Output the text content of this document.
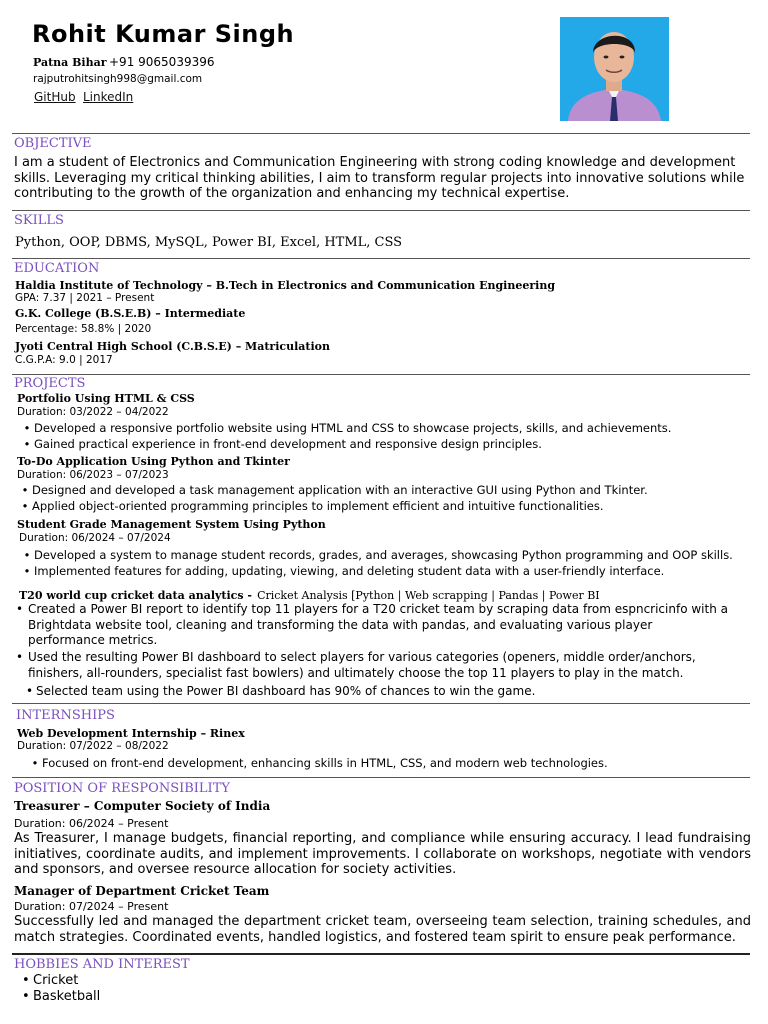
Rohit Kumar Singh
Patna Bihar +91 9065039396
rajputrohitsingh998@gmail.com
GitHub LinkedIn
OBJECTIVE
I am a student of Electronics and Communication Engineering with strong coding knowledge and development
skills. Leveraging my critical thinking abilities, I aim to transform regular projects into innovative solutions while
contributing to the growth of the organization and enhancing my technical expertise.
SKILLS
Python, OOP, DBMS, MySQL, Power BI, Excel, HTML, CSS
EDUCATION
Haldia Institute of Technology – B.Tech in Electronics and Communication Engineering
GPA: 7.37 | 2021 – Present
G.K. College (B.S.E.B) – Intermediate
Percentage: 58.8% | 2020
Jyoti Central High School (C.B.S.E) – Matriculation
C.G.P.A: 9.0 | 2017
PROJECTS
Portfolio Using HTML & CSS
Duration: 03/2022 – 04/2022
• Developed a responsive portfolio website using HTML and CSS to showcase projects, skills, and achievements.
• Gained practical experience in front-end development and responsive design principles.
To-Do Application Using Python and Tkinter
Duration: 06/2023 – 07/2023
• Designed and developed a task management application with an interactive GUI using Python and Tkinter.
• Applied object-oriented programming principles to implement efficient and intuitive functionalities.
Student Grade Management System Using Python
Duration: 06/2024 – 07/2024
• Developed a system to manage student records, grades, and averages, showcasing Python programming and OOP skills.
• Implemented features for adding, updating, viewing, and deleting student data with a user-friendly interface.
T20 world cup cricket data analytics - Cricket Analysis [Python | Web scrapping | Pandas | Power BI
• Created a Power BI report to identify top 11 players for a T20 cricket team by scraping data from espncricinfo with a Brightdata website tool, cleaning and transforming the data with pandas, and evaluating various player performance metrics.
• Used the resulting Power BI dashboard to select players for various categories (openers, middle order/anchors, finishers, all-rounders, specialist fast bowlers) and ultimately choose the top 11 players to play in the match.
• Selected team using the Power BI dashboard has 90% of chances to win the game.
INTERNSHIPS
Web Development Internship – Rinex
Duration: 07/2022 – 08/2022
• Focused on front-end development, enhancing skills in HTML, CSS, and modern web technologies.
POSITION OF RESPONSIBILITY
Treasurer – Computer Society of India
Duration: 06/2024 – Present
As Treasurer, I manage budgets, financial reporting, and compliance while ensuring accuracy. I lead fundraising initiatives, coordinate audits, and implement improvements. I collaborate on workshops, negotiate with vendors and sponsors, and oversee resource allocation for society activities.
Manager of Department Cricket Team
Duration: 07/2024 – Present
Successfully led and managed the department cricket team, overseeing team selection, training schedules, and match strategies. Coordinated events, handled logistics, and fostered team spirit to ensure peak performance.
HOBBIES AND INTEREST
• Cricket
• Basketball
